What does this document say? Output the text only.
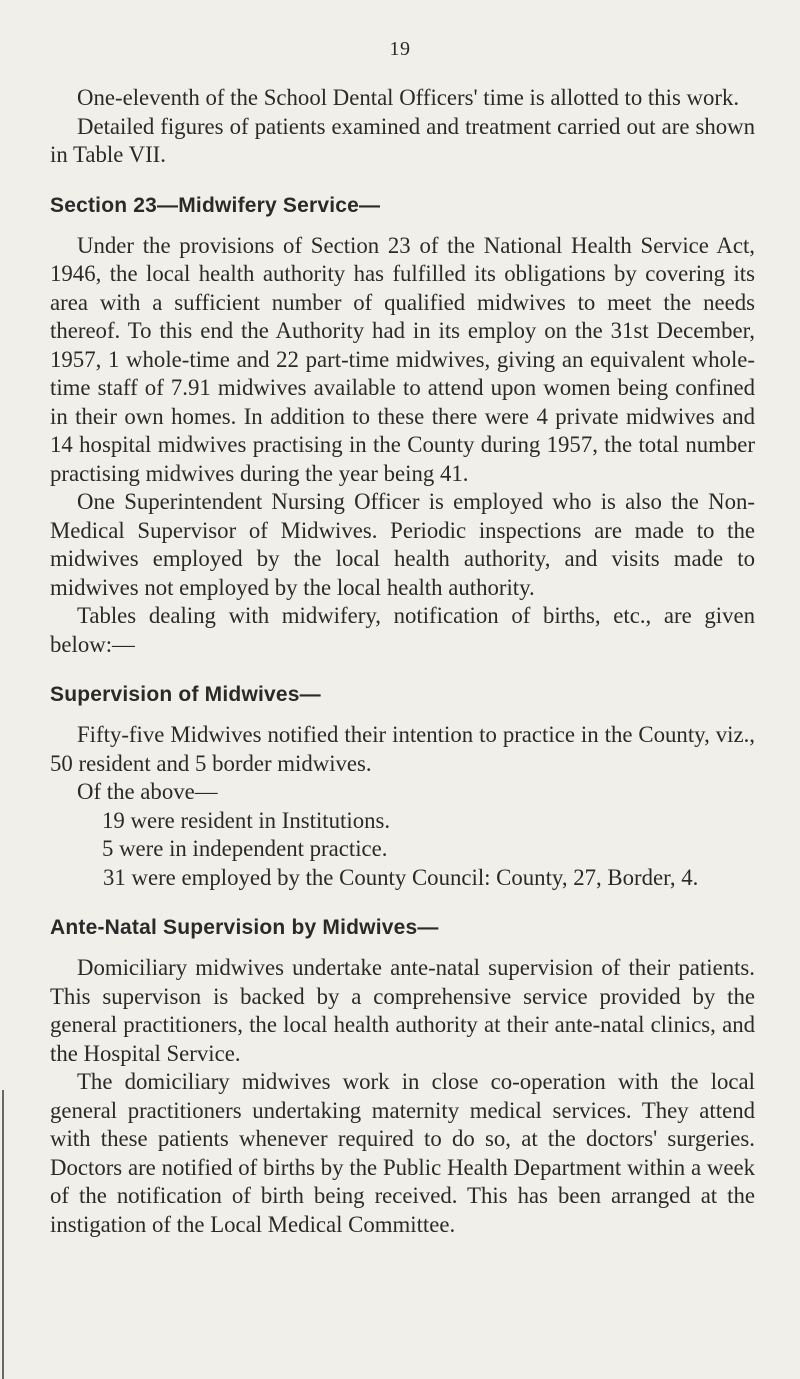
19

One-eleventh of the School Dental Officers' time is allotted to this work.

Detailed figures of patients examined and treatment carried out are shown in Table VII.

Section 23—Midwifery Service—

Under the provisions of Section 23 of the National Health Service Act, 1946, the local health authority has fulfilled its obligations by covering its area with a sufficient number of qualified midwives to meet the needs thereof. To this end the Authority had in its employ on the 31st December, 1957, 1 whole-time and 22 part-time midwives, giving an equivalent whole-time staff of 7.91 midwives available to attend upon women being confined in their own homes. In addition to these there were 4 private midwives and 14 hospital midwives practising in the County during 1957, the total number practising midwives during the year being 41.

One Superintendent Nursing Officer is employed who is also the Non-Medical Supervisor of Midwives. Periodic inspections are made to the midwives employed by the local health authority, and visits made to midwives not employed by the local health authority.

Tables dealing with midwifery, notification of births, etc., are given below:—

Supervision of Midwives—

Fifty-five Midwives notified their intention to practice in the County, viz., 50 resident and 5 border midwives.

Of the above—

19 were resident in Institutions.
5 were in independent practice.
31 were employed by the County Council: County, 27, Border, 4.
Ante-Natal Supervision by Midwives—

Domiciliary midwives undertake ante-natal supervision of their patients. This supervison is backed by a comprehensive service provided by the general practitioners, the local health authority at their ante-natal clinics, and the Hospital Service.

The domiciliary midwives work in close co-operation with the local general practitioners undertaking maternity medical services. They attend with these patients whenever required to do so, at the doctors' surgeries. Doctors are notified of births by the Public Health Department within a week of the notification of birth being received. This has been arranged at the instigation of the Local Medical Committee.
